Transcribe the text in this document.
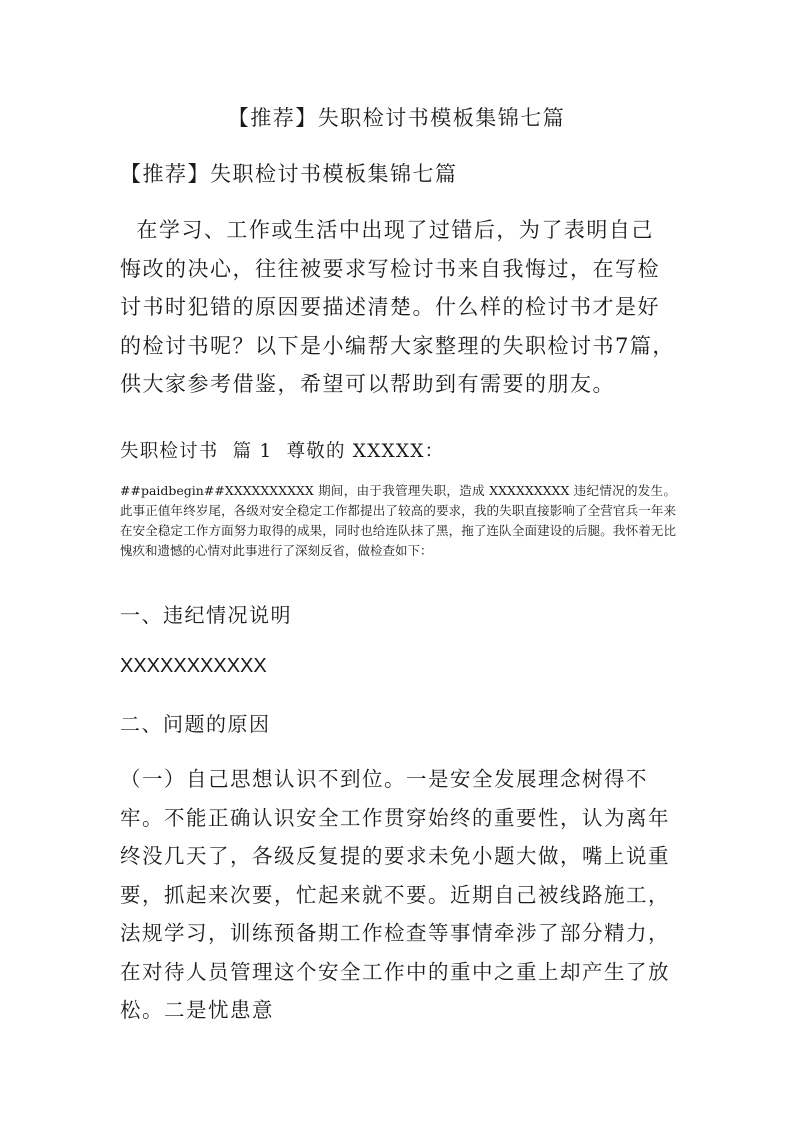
【推荐】失职检讨书模板集锦七篇
【推荐】失职检讨书模板集锦七篇

在学习、工作或生活中出现了过错后，为了表明自己悔改的决心，往往被要求写检讨书来自我悔过，在写检讨书时犯错的原因要描述清楚。什么样的检讨书才是好的检讨书呢？以下是小编帮大家整理的失职检讨书7篇，供大家参考借鉴，希望可以帮助到有需要的朋友。

失职检讨书  篇 1  尊敬的 XXXXX：

##paidbegin##XXXXXXXXXX 期间，由于我管理失职，造成 XXXXXXXXX 违纪情况的发生。此事正值年终岁尾，各级对安全稳定工作都提出了较高的要求，我的失职直接影响了全营官兵一年来在安全稳定工作方面努力取得的成果，同时也给连队抹了黑，拖了连队全面建设的后腿。我怀着无比愧疚和遗憾的心情对此事进行了深刻反省，做检查如下：

一、违纪情况说明
XXXXXXXXXXX
二、问题的原因

（一）自己思想认识不到位。一是安全发展理念树得不牢。不能正确认识安全工作贯穿始终的重要性，认为离年终没几天了，各级反复提的要求未免小题大做，嘴上说重要，抓起来次要，忙起来就不要。近期自己被线路施工，法规学习，训练预备期工作检查等事情牵涉了部分精力，在对待人员管理这个安全工作中的重中之重上却产生了放松。二是忧患意
